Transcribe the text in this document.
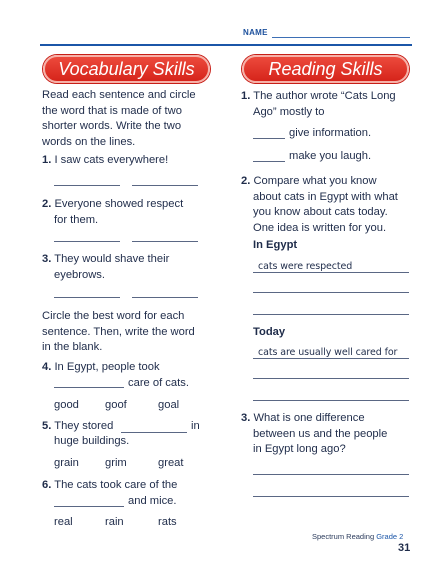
NAME
Vocabulary Skills	Reading Skills
Read each sentence and circle
the word that is made of two
shorter words. Write the two
words on the lines.
1. I saw cats everywhere!
2. Everyone showed respect
for them.
3. They would shave their
eyebrows.
Circle the best word for each
sentence. Then, write the word
in the blank.
4. In Egypt, people took
care of cats.
good goof	goal
5. They stored	in
huge buildings.
grain grim	great
6. The cats took care of the
and mice.
real	rain	rats
1. The author wrote “Cats Long
Ago” mostly to
give information.
make you laugh.
2. Compare what you know
about cats in Egypt with what
you know about cats today.
One idea is written for you.
In Egypt
cats were respected
Today
cats are usually well cared for
3. What is one difference
between us and the people
in Egypt long ago?
Spectrum Reading Grade 2
31
